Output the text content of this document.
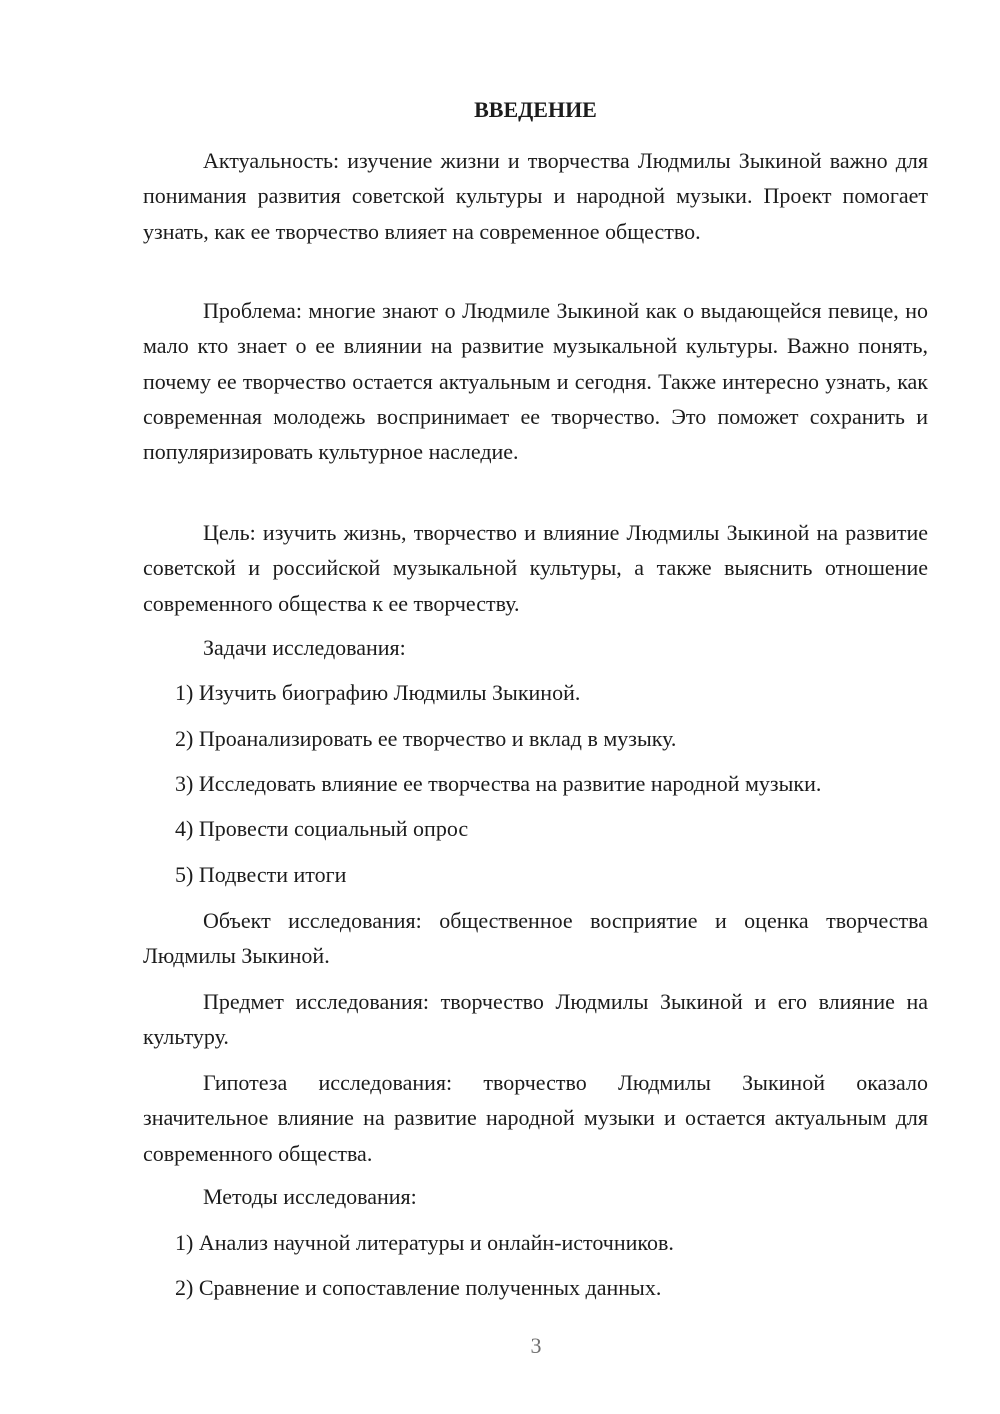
ВВЕДЕНИЕ

Актуальность: изучение жизни и творчества Людмилы Зыкиной важно для понимания развития советской культуры и народной музыки. Проект помогает узнать, как ее творчество влияет на современное общество.

Проблема: многие знают о Людмиле Зыкиной как о выдающейся певице, но мало кто знает о ее влиянии на развитие музыкальной культуры. Важно понять, почему ее творчество остается актуальным и сегодня. Также интересно узнать, как современная молодежь воспринимает ее творчество. Это поможет сохранить и популяризировать культурное наследие.

Цель: изучить жизнь, творчество и влияние Людмилы Зыкиной на развитие советской и российской музыкальной культуры, а также выяснить отношение современного общества к ее творчеству.

Задачи исследования:
1) Изучить биографию Людмилы Зыкиной.
2) Проанализировать ее творчество и вклад в музыку.
3) Исследовать влияние ее творчества на развитие народной музыки.
4) Провести социальный опрос
5) Подвести итоги

Объект исследования: общественное восприятие и оценка творчества Людмилы Зыкиной.

Предмет исследования: творчество Людмилы Зыкиной и его влияние на культуру.

Гипотеза исследования: творчество Людмилы Зыкиной оказало значительное влияние на развитие народной музыки и остается актуальным для современного общества.

Методы исследования:
1) Анализ научной литературы и онлайн-источников.
2) Сравнение и сопоставление полученных данных.
3
